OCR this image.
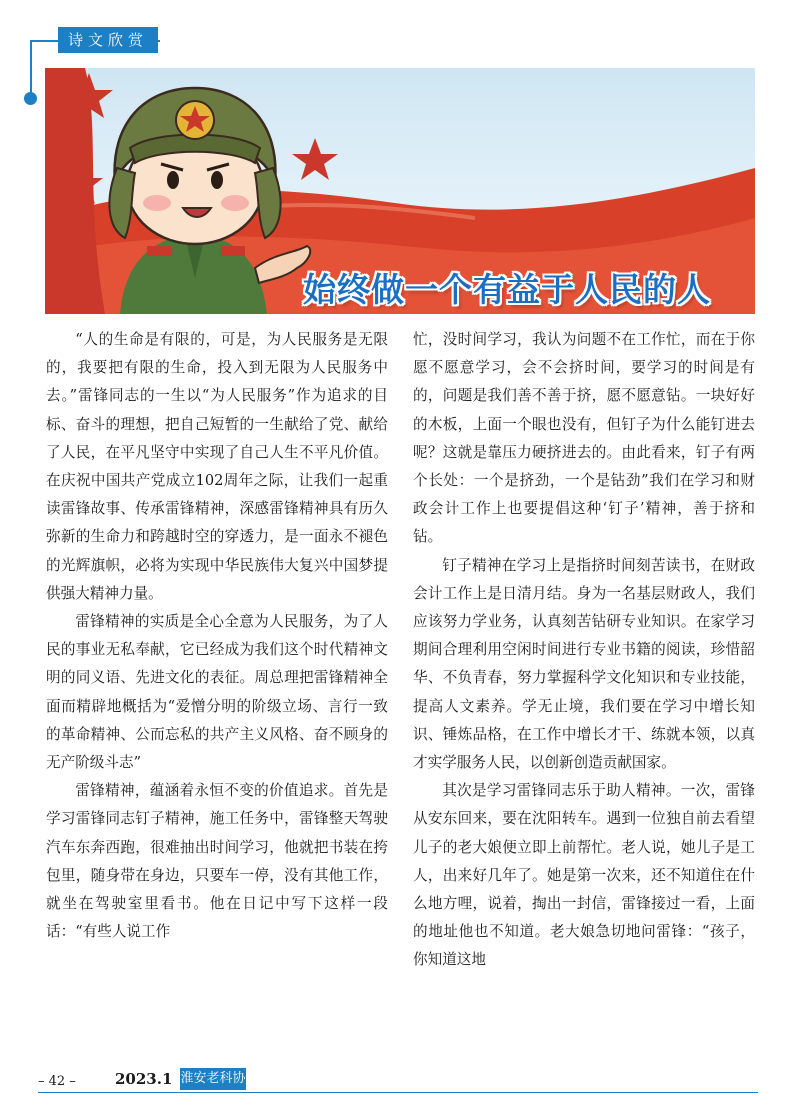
诗文欣赏
始终做一个有益于人民的人
淮安区老科协财经分会 赵长宝

“人的生命是有限的，可是，为人民服务是无限的，我要把有限的生命，投入到无限为人民服务中去。”雷锋同志的一生以“为人民服务”作为追求的目标、奋斗的理想，把自己短暂的一生献给了党、献给了人民，在平凡坚守中实现了自己人生不平凡价值。在庆祝中国共产党成立102周年之际，让我们一起重读雷锋故事、传承雷锋精神，深感雷锋精神具有历久弥新的生命力和跨越时空的穿透力，是一面永不褪色的光辉旗帜，必将为实现中华民族伟大复兴中国梦提供强大精神力量。

雷锋精神的实质是全心全意为人民服务，为了人民的事业无私奉献，它已经成为我们这个时代精神文明的同义语、先进文化的表征。周总理把雷锋精神全面而精辟地概括为“爱憎分明的阶级立场、言行一致的革命精神、公而忘私的共产主义风格、奋不顾身的无产阶级斗志”

雷锋精神，蕴涵着永恒不变的价值追求。首先是学习雷锋同志钉子精神，施工任务中，雷锋整天驾驶汽车东奔西跑，很难抽出时间学习，他就把书装在挎包里，随身带在身边，只要车一停，没有其他工作，就坐在驾驶室里看书。他在日记中写下这样一段话：“有些人说工作

忙，没时间学习，我认为问题不在工作忙，而在于你愿不愿意学习，会不会挤时间，要学习的时间是有的，问题是我们善不善于挤，愿不愿意钻。一块好好的木板，上面一个眼也没有，但钉子为什么能钉进去呢？这就是靠压力硬挤进去的。由此看来，钉子有两个长处：一个是挤劲，一个是钻劲”我们在学习和财政会计工作上也要提倡这种‘钉子’精神，善于挤和钻。

钉子精神在学习上是指挤时间刻苦读书，在财政会计工作上是日清月结。身为一名基层财政人，我们应该努力学业务，认真刻苦钻研专业知识。在家学习期间合理利用空闲时间进行专业书籍的阅读，珍惜韶华、不负青春，努力掌握科学文化知识和专业技能，提高人文素养。学无止境，我们要在学习中增长知识、锤炼品格，在工作中增长才干、练就本领，以真才实学服务人民，以创新创造贡献国家。

其次是学习雷锋同志乐于助人精神。一次，雷锋从安东回来，要在沈阳转车。遇到一位独自前去看望儿子的老大娘便立即上前帮忙。老人说，她儿子是工人，出来好几年了。她是第一次来，还不知道住在什么地方哩，说着，掏出一封信，雷锋接过一看，上面的地址他也不知道。老大娘急切地问雷锋：“孩子，你知道这地

– 42 –	2023.1 淮安老科协
